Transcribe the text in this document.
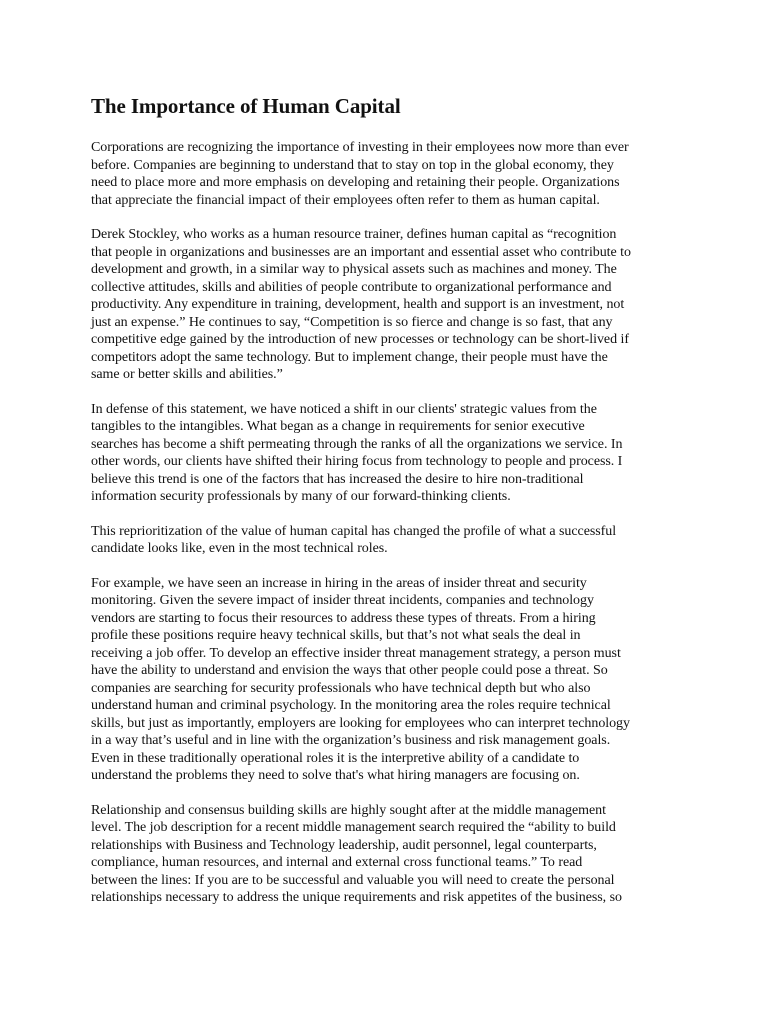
The Importance of Human Capital

Corporations are recognizing the importance of investing in their employees now more than ever
before. Companies are beginning to understand that to stay on top in the global economy, they
need to place more and more emphasis on developing and retaining their people. Organizations
that appreciate the financial impact of their employees often refer to them as human capital.

Derek Stockley, who works as a human resource trainer, defines human capital as “recognition
that people in organizations and businesses are an important and essential asset who contribute to
development and growth, in a similar way to physical assets such as machines and money. The
collective attitudes, skills and abilities of people contribute to organizational performance and
productivity. Any expenditure in training, development, health and support is an investment, not
just an expense.” He continues to say, “Competition is so fierce and change is so fast, that any
competitive edge gained by the introduction of new processes or technology can be short-lived if
competitors adopt the same technology. But to implement change, their people must have the
same or better skills and abilities.”

In defense of this statement, we have noticed a shift in our clients' strategic values from the
tangibles to the intangibles. What began as a change in requirements for senior executive
searches has become a shift permeating through the ranks of all the organizations we service. In
other words, our clients have shifted their hiring focus from technology to people and process. I
believe this trend is one of the factors that has increased the desire to hire non-traditional
information security professionals by many of our forward-thinking clients.

This reprioritization of the value of human capital has changed the profile of what a successful
candidate looks like, even in the most technical roles.

For example, we have seen an increase in hiring in the areas of insider threat and security
monitoring. Given the severe impact of insider threat incidents, companies and technology
vendors are starting to focus their resources to address these types of threats. From a hiring
profile these positions require heavy technical skills, but that’s not what seals the deal in
receiving a job offer. To develop an effective insider threat management strategy, a person must
have the ability to understand and envision the ways that other people could pose a threat. So
companies are searching for security professionals who have technical depth but who also
understand human and criminal psychology. In the monitoring area the roles require technical
skills, but just as importantly, employers are looking for employees who can interpret technology
in a way that’s useful and in line with the organization’s business and risk management goals.
Even in these traditionally operational roles it is the interpretive ability of a candidate to
understand the problems they need to solve that's what hiring managers are focusing on.

Relationship and consensus building skills are highly sought after at the middle management
level. The job description for a recent middle management search required the “ability to build
relationships with Business and Technology leadership, audit personnel, legal counterparts,
compliance, human resources, and internal and external cross functional teams.” To read
between the lines: If you are to be successful and valuable you will need to create the personal
relationships necessary to address the unique requirements and risk appetites of the business, so
